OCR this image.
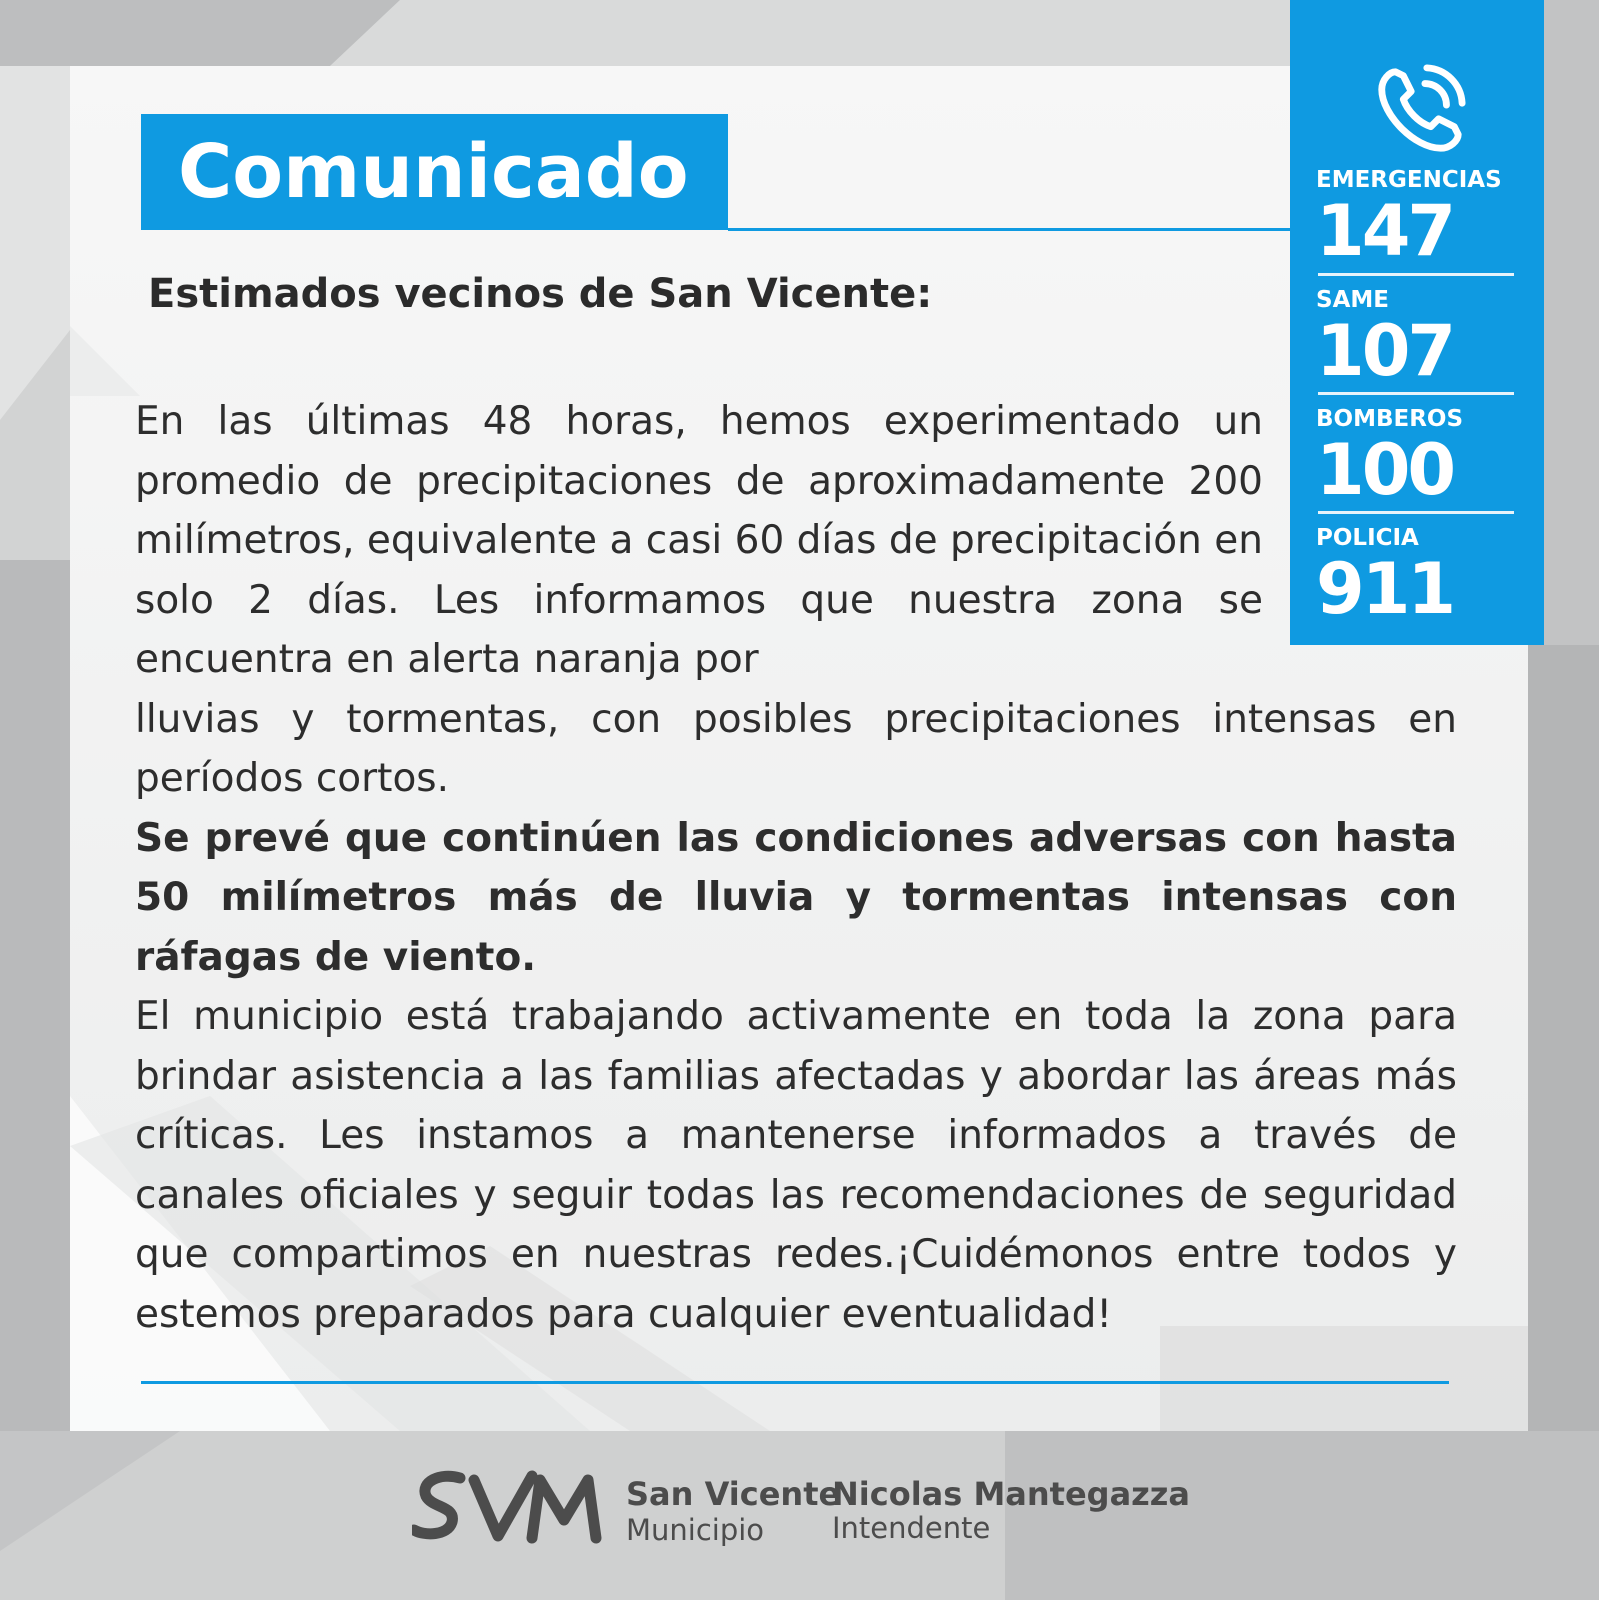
Comunicado
Estimados vecinos de San Vicente:

En las últimas 48 horas, hemos experimentado un promedio de precipitaciones de aproximadamente 200 milímetros, equivalente a casi 60 días de precipitación en solo 2 días. Les informamos que nuestra zona se encuentra en alerta naranja por

lluvias y tormentas, con posibles precipitaciones intensas en períodos cortos.

Se prevé que continúen las condiciones adversas con hasta 50 milímetros más de lluvia y tormentas intensas con ráfagas de viento.

El municipio está trabajando activamente en toda la zona para brindar asistencia a las familias afectadas y abordar las áreas más críticas. Les instamos a mantenerse informados a través de canales oficiales y seguir todas las recomendaciones de seguridad que compartimos en nuestras redes.¡Cuidémonos entre todos y estemos preparados para cualquier eventualidad!

EMERGENCIAS
147
SAME
107
BOMBEROS
100
POLICIA
911
San Vicente
Municipio
Nicolas Mantegazza
Intendente
